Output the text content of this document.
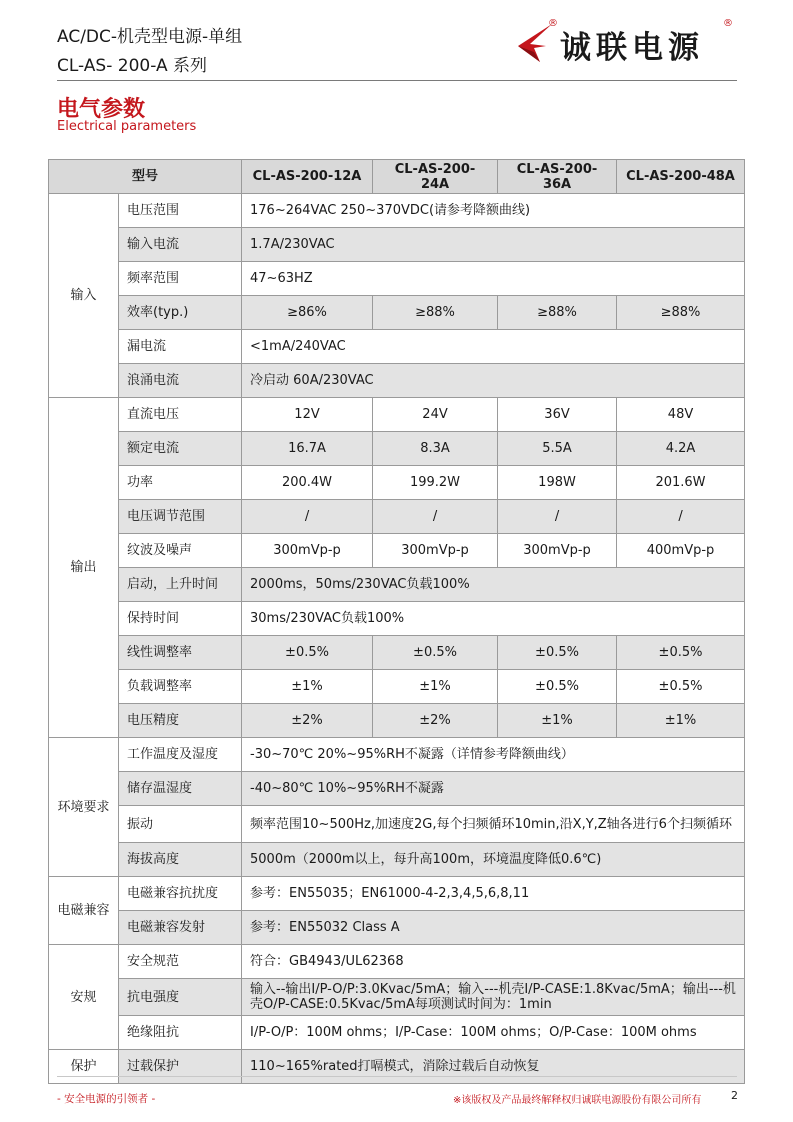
AC/DC-机壳型电源-单组
CL-AS- 200-A 系列
®
诚联电源
®
电气参数
Electrical parameters
型号		CL-AS-200-12A	CL-AS-200-24A	CL-AS-200-36A	CL-AS-200-48A
输入	电压范围	176~264VAC 250~370VDC(请参考降额曲线)			
	输入电流	1.7A/230VAC			
	频率范围	47~63HZ			
	效率(typ.)	≥86%	≥88%	≥88%	≥88%
	漏电流	<1mA/240VAC			
	浪涌电流	冷启动 60A/230VAC			
输出	直流电压	12V	24V	36V	48V
	额定电流	16.7A	8.3A	5.5A	4.2A
	功率	200.4W	199.2W	198W	201.6W
	电压调节范围	/	/	/	/
	纹波及噪声	300mVp-p	300mVp-p	300mVp-p	400mVp-p
	启动，上升时间	2000ms，50ms/230VAC负载100%			
	保持时间	30ms/230VAC负载100%			
	线性调整率	±0.5%	±0.5%	±0.5%	±0.5%
	负载调整率	±1%	±1%	±0.5%	±0.5%
	电压精度	±2%	±2%	±1%	±1%
环境要求	工作温度及湿度	-30~70℃ 20%~95%RH不凝露（详情参考降额曲线）			
	储存温湿度	-40~80℃ 10%~95%RH不凝露			
	振动	频率范围10~500Hz,加速度2G,每个扫频循环10min,沿X,Y,Z轴各进行6个扫频循环			
	海拔高度	5000m（2000m以上，每升高100m，环境温度降低0.6℃)			
电磁兼容	电磁兼容抗扰度	参考：EN55035；EN61000-4-2,3,4,5,6,8,11			
	电磁兼容发射	参考：EN55032 Class A			
安规	安全规范	符合：GB4943/UL62368			
	抗电强度	输入--输出I/P-O/P:3.0Kvac/5mA；输入---机壳I/P-CASE:1.8Kvac/5mA；输出---机壳O/P-CASE:0.5Kvac/5mA每项测试时间为：1min			
	绝缘阻抗	I/P-O/P：100M ohms；I/P-Case：100M ohms；O/P-Case：100M ohms			
保护	过载保护	110~165%rated打嗝模式，消除过载后自动恢复			
- 安全电源的引领者 -	※该版权及产品最终解释权归诚联电源股份有限公司所有	2
